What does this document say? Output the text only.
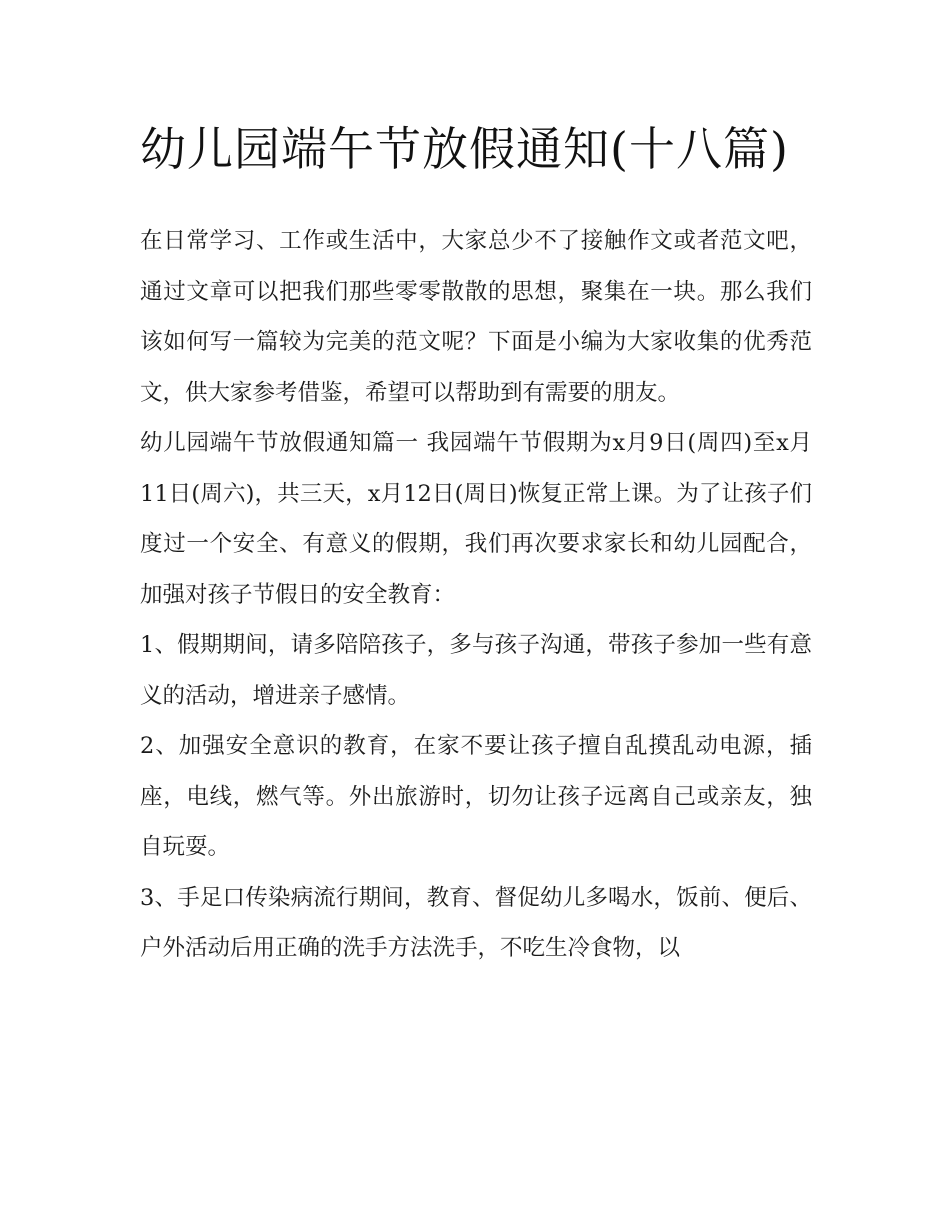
幼儿园端午节放假通知(十八篇)

在日常学习、工作或生活中，大家总少不了接触作文或者范文吧，通过文章可以把我们那些零零散散的思想，聚集在一块。那么我们该如何写一篇较为完美的范文呢？下面是小编为大家收集的优秀范文，供大家参考借鉴，希望可以帮助到有需要的朋友。

幼儿园端午节放假通知篇一 我园端午节假期为x月9日(周四)至x月11日(周六)，共三天，x月12日(周日)恢复正常上课。为了让孩子们度过一个安全、有意义的假期，我们再次要求家长和幼儿园配合，加强对孩子节假日的安全教育：

1、假期期间，请多陪陪孩子，多与孩子沟通，带孩子参加一些有意义的活动，增进亲子感情。

2、加强安全意识的教育，在家不要让孩子擅自乱摸乱动电源，插座，电线，燃气等。外出旅游时，切勿让孩子远离自己或亲友，独自玩耍。

3、手足口传染病流行期间，教育、督促幼儿多喝水，饭前、便后、户外活动后用正确的洗手方法洗手，不吃生冷食物，以
